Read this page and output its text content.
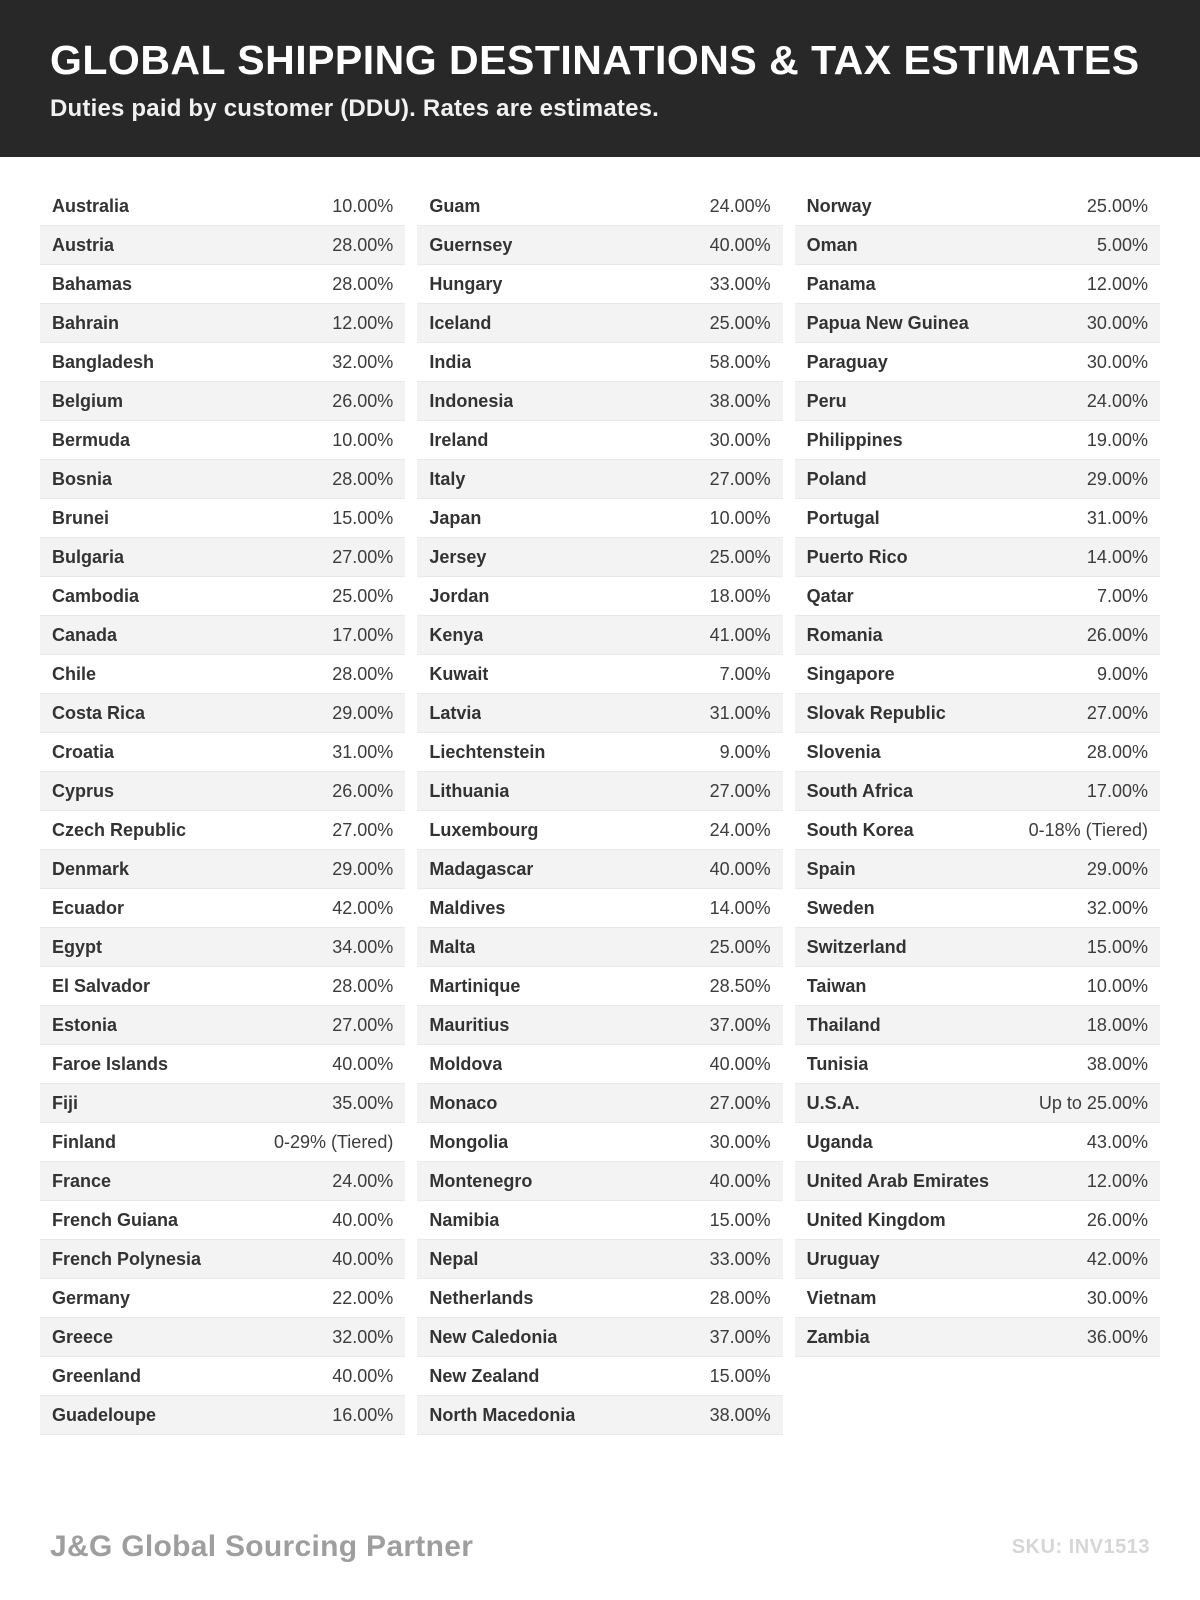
GLOBAL SHIPPING DESTINATIONS & TAX ESTIMATES
Duties paid by customer (DDU). Rates are estimates.
Australia	10.00%
Austria	28.00%
Bahamas	28.00%
Bahrain	12.00%
Bangladesh	32.00%
Belgium	26.00%
Bermuda	10.00%
Bosnia	28.00%
Brunei	15.00%
Bulgaria	27.00%
Cambodia	25.00%
Canada	17.00%
Chile	28.00%
Costa Rica	29.00%
Croatia	31.00%
Cyprus	26.00%
Czech Republic	27.00%
Denmark	29.00%
Ecuador	42.00%
Egypt	34.00%
El Salvador	28.00%
Estonia	27.00%
Faroe Islands	40.00%
Fiji	35.00%
Finland	0-29% (Tiered)
France	24.00%
French Guiana	40.00%
French Polynesia	40.00%
Germany	22.00%
Greece	32.00%
Greenland	40.00%
Guadeloupe	16.00%
Guam	24.00%
Guernsey	40.00%
Hungary	33.00%
Iceland	25.00%
India	58.00%
Indonesia	38.00%
Ireland	30.00%
Italy	27.00%
Japan	10.00%
Jersey	25.00%
Jordan	18.00%
Kenya	41.00%
Kuwait	7.00%
Latvia	31.00%
Liechtenstein	9.00%
Lithuania	27.00%
Luxembourg	24.00%
Madagascar	40.00%
Maldives	14.00%
Malta	25.00%
Martinique	28.50%
Mauritius	37.00%
Moldova	40.00%
Monaco	27.00%
Mongolia	30.00%
Montenegro	40.00%
Namibia	15.00%
Nepal	33.00%
Netherlands	28.00%
New Caledonia	37.00%
New Zealand	15.00%
North Macedonia	38.00%
Norway	25.00%
Oman	5.00%
Panama	12.00%
Papua New Guinea	30.00%
Paraguay	30.00%
Peru	24.00%
Philippines	19.00%
Poland	29.00%
Portugal	31.00%
Puerto Rico	14.00%
Qatar	7.00%
Romania	26.00%
Singapore	9.00%
Slovak Republic	27.00%
Slovenia	28.00%
South Africa	17.00%
South Korea	0-18% (Tiered)
Spain	29.00%
Sweden	32.00%
Switzerland	15.00%
Taiwan	10.00%
Thailand	18.00%
Tunisia	38.00%
U.S.A.	Up to 25.00%
Uganda	43.00%
United Arab Emirates	12.00%
United Kingdom	26.00%
Uruguay	42.00%
Vietnam	30.00%
Zambia	36.00%
J&G Global Sourcing Partner	SKU: INV1513
